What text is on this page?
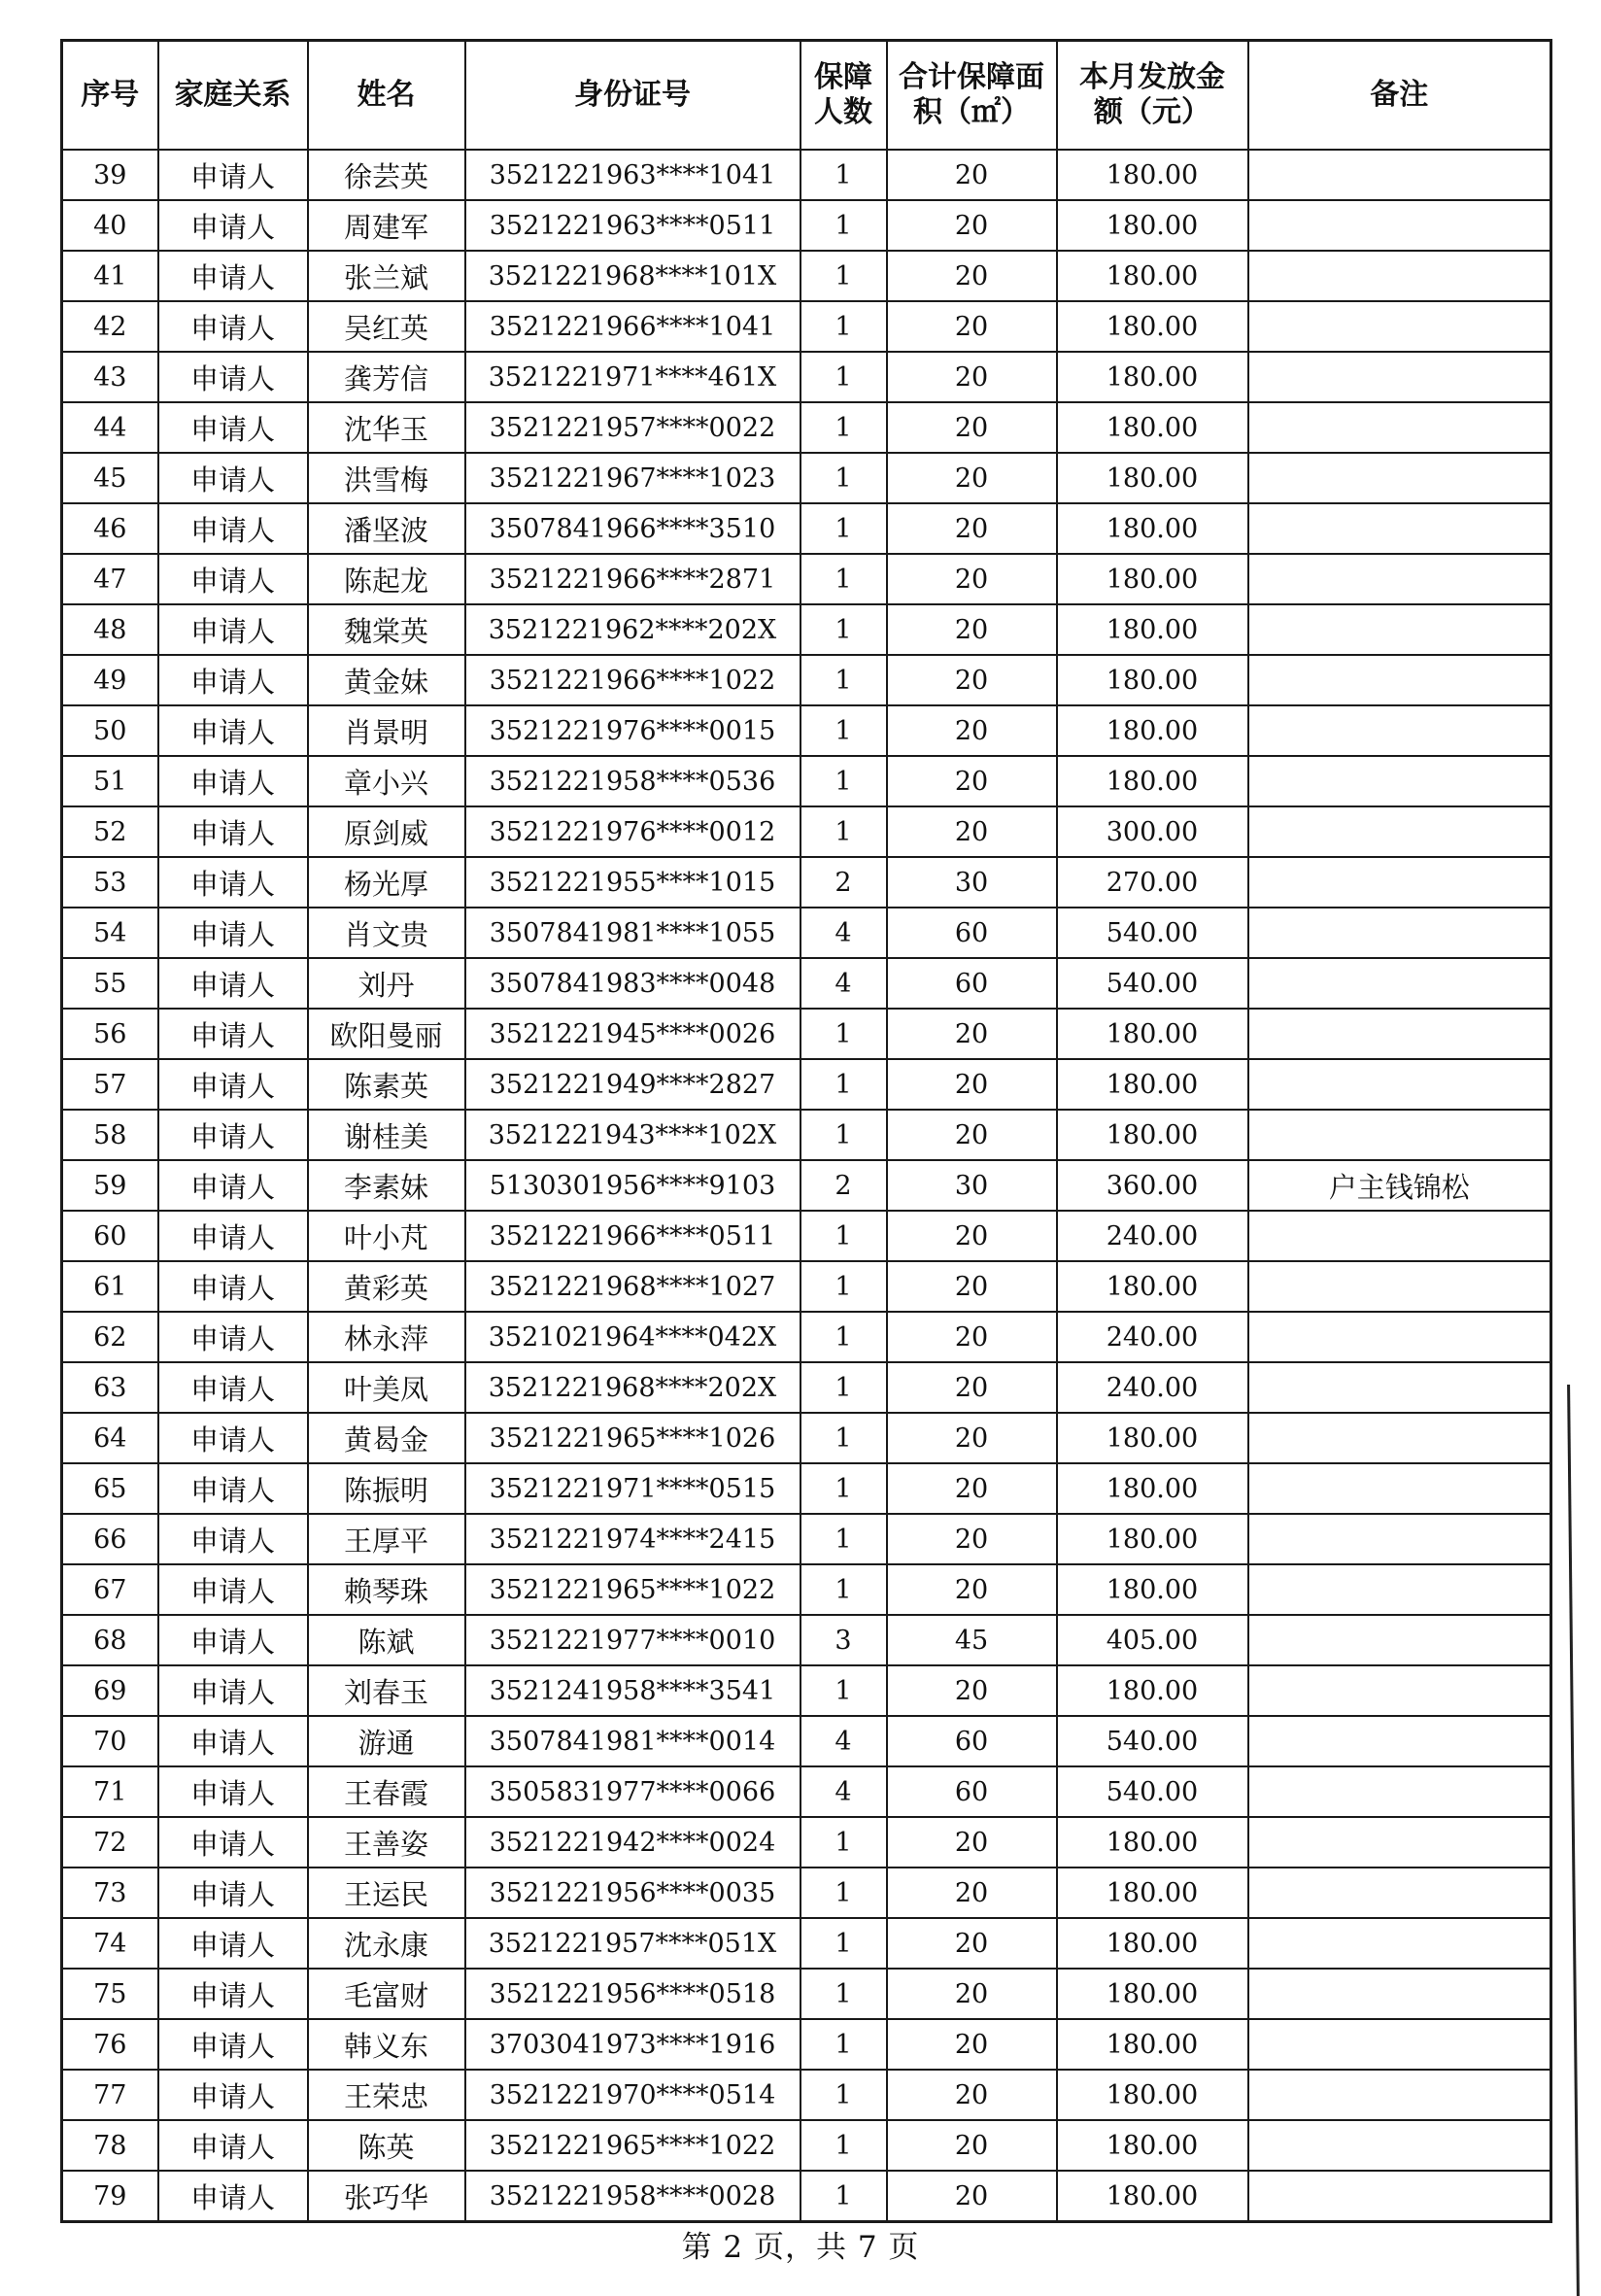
序号	家庭关系	姓名	身份证号	保障人数	合计保障面积（㎡）	本月发放金额（元）	备注
39	申请人	徐芸英	3521221963****1041	1	20	180.00	
40	申请人	周建军	3521221963****0511	1	20	180.00	
41	申请人	张兰斌	3521221968****101X	1	20	180.00	
42	申请人	吴红英	3521221966****1041	1	20	180.00	
43	申请人	龚芳信	3521221971****461X	1	20	180.00	
44	申请人	沈华玉	3521221957****0022	1	20	180.00	
45	申请人	洪雪梅	3521221967****1023	1	20	180.00	
46	申请人	潘坚波	3507841966****3510	1	20	180.00	
47	申请人	陈起龙	3521221966****2871	1	20	180.00	
48	申请人	魏棠英	3521221962****202X	1	20	180.00	
49	申请人	黄金妹	3521221966****1022	1	20	180.00	
50	申请人	肖景明	3521221976****0015	1	20	180.00	
51	申请人	章小兴	3521221958****0536	1	20	180.00	
52	申请人	原剑威	3521221976****0012	1	20	300.00	
53	申请人	杨光厚	3521221955****1015	2	30	270.00	
54	申请人	肖文贵	3507841981****1055	4	60	540.00	
55	申请人	刘丹	3507841983****0048	4	60	540.00	
56	申请人	欧阳曼丽	3521221945****0026	1	20	180.00	
57	申请人	陈素英	3521221949****2827	1	20	180.00	
58	申请人	谢桂美	3521221943****102X	1	20	180.00	
59	申请人	李素妹	5130301956****9103	2	30	360.00	户主钱锦松
60	申请人	叶小芃	3521221966****0511	1	20	240.00	
61	申请人	黄彩英	3521221968****1027	1	20	180.00	
62	申请人	林永萍	3521021964****042X	1	20	240.00	
63	申请人	叶美凤	3521221968****202X	1	20	240.00	
64	申请人	黄曷金	3521221965****1026	1	20	180.00	
65	申请人	陈振明	3521221971****0515	1	20	180.00	
66	申请人	王厚平	3521221974****2415	1	20	180.00	
67	申请人	赖琴珠	3521221965****1022	1	20	180.00	
68	申请人	陈斌	3521221977****0010	3	45	405.00	
69	申请人	刘春玉	3521241958****3541	1	20	180.00	
70	申请人	游通	3507841981****0014	4	60	540.00	
71	申请人	王春霞	3505831977****0066	4	60	540.00	
72	申请人	王善姿	3521221942****0024	1	20	180.00	
73	申请人	王运民	3521221956****0035	1	20	180.00	
74	申请人	沈永康	3521221957****051X	1	20	180.00	
75	申请人	毛富财	3521221956****0518	1	20	180.00	
76	申请人	韩义东	3703041973****1916	1	20	180.00	
77	申请人	王荣忠	3521221970****0514	1	20	180.00	
78	申请人	陈英	3521221965****1022	1	20	180.00	
79	申请人	张巧华	3521221958****0028	1	20	180.00	
第 2 页，共 7 页
